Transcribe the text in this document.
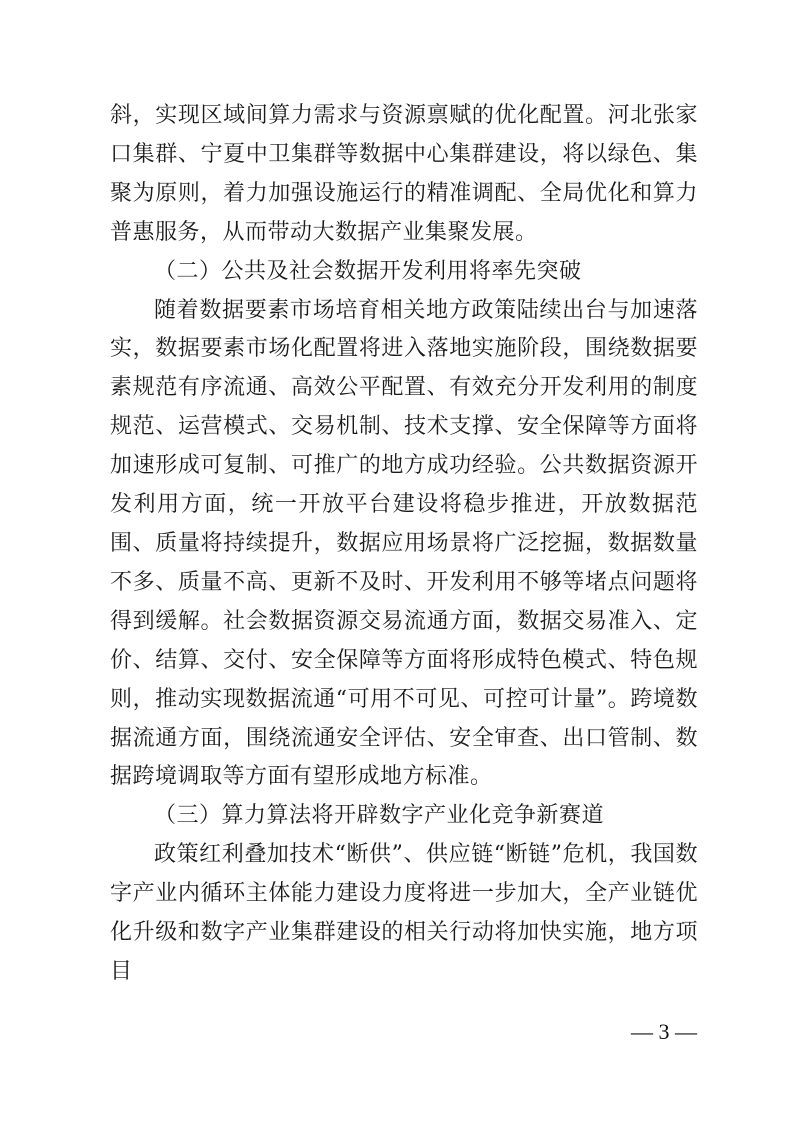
斜，实现区域间算力需求与资源禀赋的优化配置。河北张家口集群、宁夏中卫集群等数据中心集群建设，将以绿色、集聚为原则，着力加强设施运行的精准调配、全局优化和算力普惠服务，从而带动大数据产业集聚发展。

（二）公共及社会数据开发利用将率先突破

随着数据要素市场培育相关地方政策陆续出台与加速落实，数据要素市场化配置将进入落地实施阶段，围绕数据要素规范有序流通、高效公平配置、有效充分开发利用的制度规范、运营模式、交易机制、技术支撑、安全保障等方面将加速形成可复制、可推广的地方成功经验。公共数据资源开发利用方面，统一开放平台建设将稳步推进，开放数据范围、质量将持续提升，数据应用场景将广泛挖掘，数据数量不多、质量不高、更新不及时、开发利用不够等堵点问题将得到缓解。社会数据资源交易流通方面，数据交易准入、定价、结算、交付、安全保障等方面将形成特色模式、特色规则，推动实现数据流通“可用不可见、可控可计量”。跨境数据流通方面，围绕流通安全评估、安全审查、出口管制、数据跨境调取等方面有望形成地方标准。

（三）算力算法将开辟数字产业化竞争新赛道

政策红利叠加技术“断供”、供应链“断链”危机，我国数字产业内循环主体能力建设力度将进一步加大，全产业链优化升级和数字产业集群建设的相关行动将加快实施，地方项目

— 3 —
